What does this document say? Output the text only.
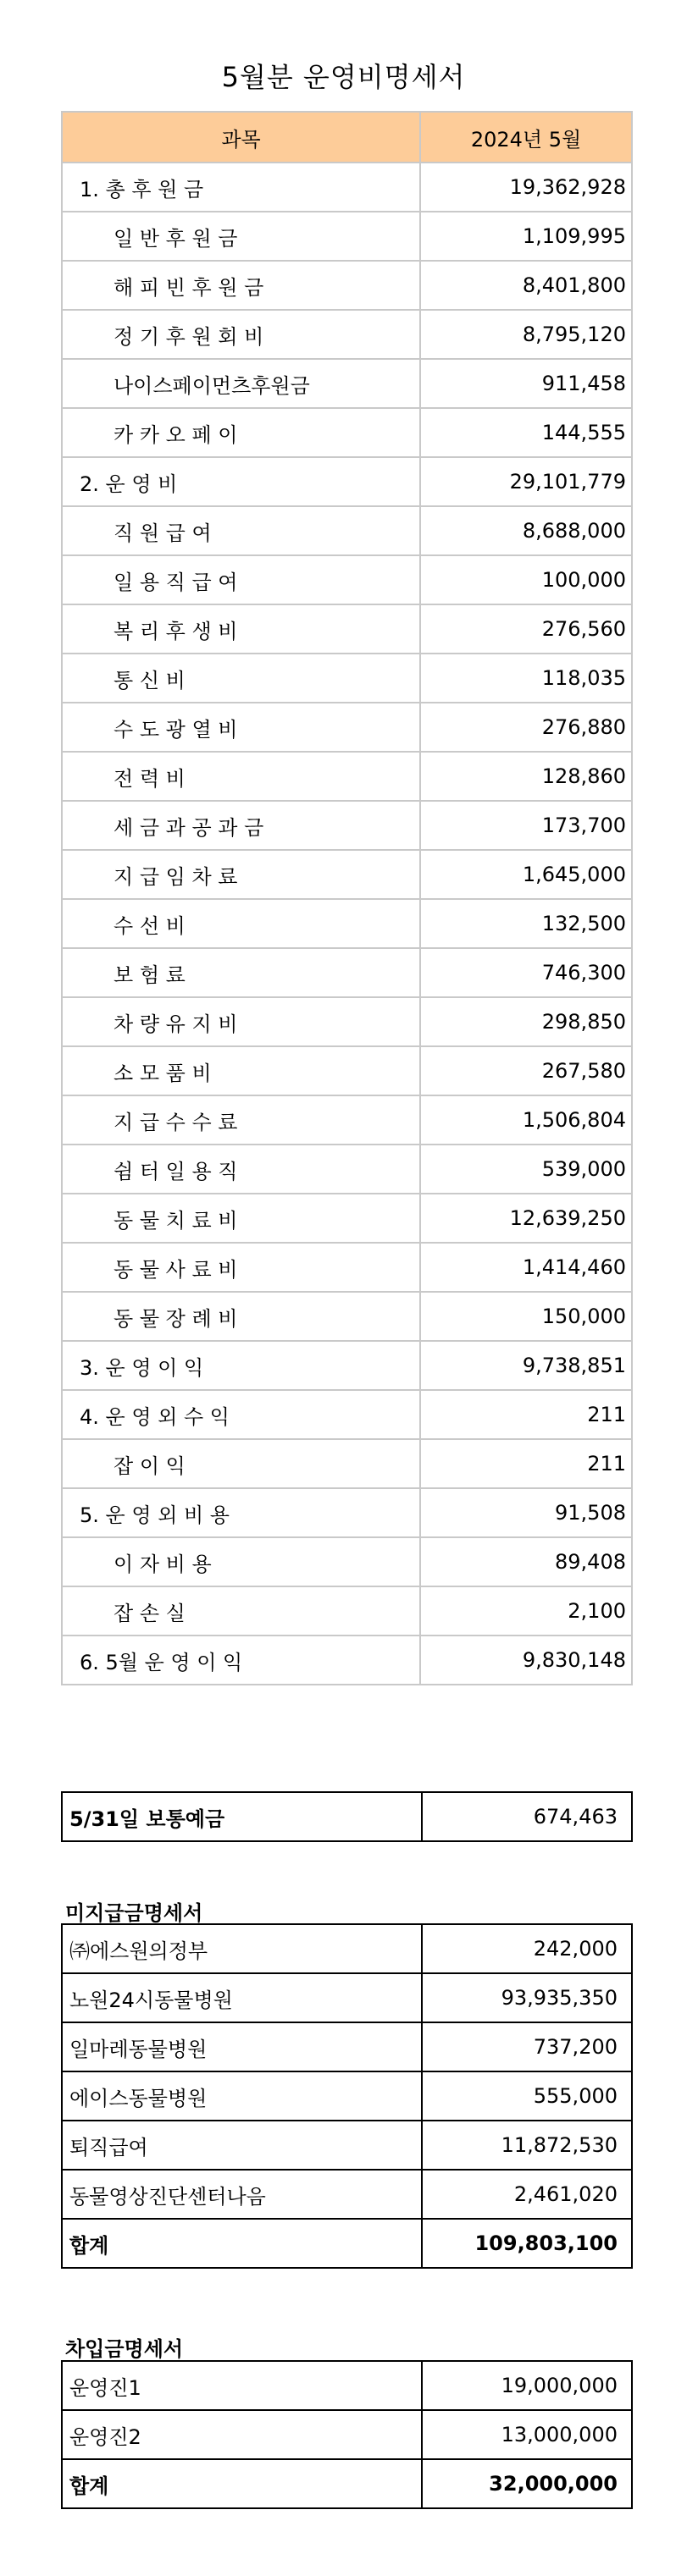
5월분 운영비명세서
과목	2024년 5월
1. 총 후 원 금	19,362,928
일 반 후 원 금	1,109,995
해 피 빈 후 원 금	8,401,800
정 기 후 원 회 비	8,795,120
나이스페이먼츠후원금	911,458
카 카 오 페 이	144,555
2. 운 영 비	29,101,779
직 원 급 여	8,688,000
일 용 직 급 여	100,000
복 리 후 생 비	276,560
통 신 비	118,035
수 도 광 열 비	276,880
전 력 비	128,860
세 금 과 공 과 금	173,700
지 급 임 차 료	1,645,000
수 선 비	132,500
보 험 료	746,300
차 량 유 지 비	298,850
소 모 품 비	267,580
지 급 수 수 료	1,506,804
쉼 터 일 용 직	539,000
동 물 치 료 비	12,639,250
동 물 사 료 비	1,414,460
동 물 장 례 비	150,000
3. 운 영 이 익	9,738,851
4. 운 영 외 수 익	211
잡 이 익	211
5. 운 영 외 비 용	91,508
이 자 비 용	89,408
잡 손 실	2,100
6. 5월 운 영 이 익	9,830,148
5/31일 보통예금	674,463
미지급금명세서
㈜에스원의정부	242,000
노원24시동물병원	93,935,350
일마레동물병원	737,200
에이스동물병원	555,000
퇴직급여	11,872,530
동물영상진단센터나음	2,461,020
합계	109,803,100
차입금명세서
운영진1	19,000,000
운영진2	13,000,000
합계	32,000,000
